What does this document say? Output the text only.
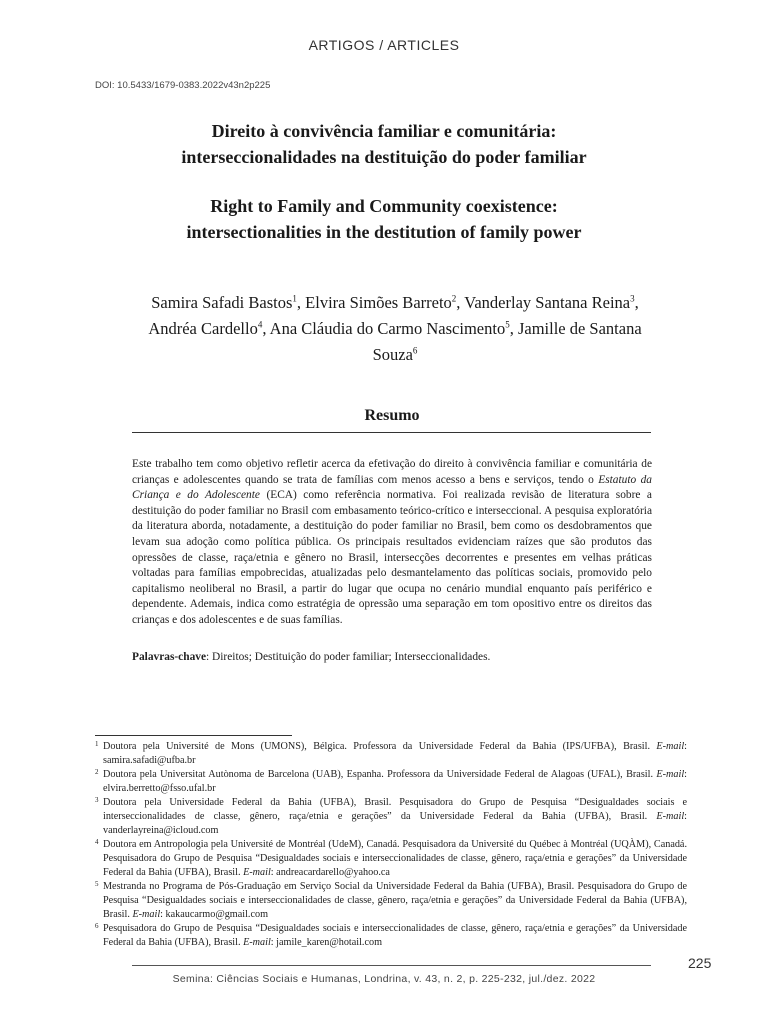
ARTIGOS / ARTICLES
DOI: 10.5433/1679-0383.2022v43n2p225
Direito à convivência familiar e comunitária:
interseccionalidades na destituição do poder familiar
Right to Family and Community coexistence:
intersectionalities in the destitution of family power
Samira Safadi Bastos$^1$, Elvira Simões Barreto$^2$, Vanderlay Santana Reina$^3$, Andréa Cardello$^4$, Ana Cláudia do Carmo Nascimento$^5$, Jamille de Santana Souza$^6$
Resumo

Este trabalho tem como objetivo refletir acerca da efetivação do direito à convivência familiar e comunitária de crianças e adolescentes quando se trata de famílias com menos acesso a bens e serviços, tendo o Estatuto da Criança e do Adolescente (ECA) como referência normativa. Foi realizada revisão de literatura sobre a destituição do poder familiar no Brasil com embasamento teórico-crítico e interseccional. A pesquisa exploratória da literatura aborda, notadamente, a destituição do poder familiar no Brasil, bem como os desdobramentos que levam sua adoção como política pública. Os principais resultados evidenciam raízes que são produtos das opressões de classe, raça/etnia e gênero no Brasil, intersecções decorrentes e presentes em velhas práticas voltadas para famílias empobrecidas, atualizadas pelo desmantelamento das políticas sociais, promovido pelo capitalismo neoliberal no Brasil, a partir do lugar que ocupa no cenário mundial enquanto país periférico e dependente. Ademais, indica como estratégia de opressão uma separação em tom opositivo entre os direitos das crianças e dos adolescentes e de suas famílias.

Palavras-chave: Direitos; Destituição do poder familiar; Interseccionalidades.

1 Doutora pela Université de Mons (UMONS), Bélgica. Professora da Universidade Federal da Bahia (IPS/UFBA), Brasil. E-mail: samira.safadi@ufba.br

2 Doutora pela Universitat Autònoma de Barcelona (UAB), Espanha. Professora da Universidade Federal de Alagoas (UFAL), Brasil. E-mail: elvira.berretto@fsso.ufal.br

3 Doutora pela Universidade Federal da Bahia (UFBA), Brasil. Pesquisadora do Grupo de Pesquisa “Desigualdades sociais e interseccionalidades de classe, gênero, raça/etnia e gerações” da Universidade Federal da Bahia (UFBA), Brasil. E-mail: vanderlayreina@icloud.com

4 Doutora em Antropologia pela Université de Montréal (UdeM), Canadá. Pesquisadora da Université du Québec à Montréal (UQÀM), Canadá. Pesquisadora do Grupo de Pesquisa “Desigualdades sociais e interseccionalidades de classe, gênero, raça/etnia e gerações” da Universidade Federal da Bahia (UFBA), Brasil. E-mail: andreacardarello@yahoo.ca

5 Mestranda no Programa de Pós-Graduação em Serviço Social da Universidade Federal da Bahia (UFBA), Brasil. Pesquisadora do Grupo de Pesquisa “Desigualdades sociais e interseccionalidades de classe, gênero, raça/etnia e gerações” da Universidade Federal da Bahia (UFBA), Brasil. E-mail: kakaucarmo@gmail.com

6 Pesquisadora do Grupo de Pesquisa “Desigualdades sociais e interseccionalidades de classe, gênero, raça/etnia e gerações” da Universidade Federal da Bahia (UFBA), Brasil. E-mail: jamile_karen@hotail.com

225
Semina: Ciências Sociais e Humanas, Londrina, v. 43, n. 2, p. 225-232, jul./dez. 2022
